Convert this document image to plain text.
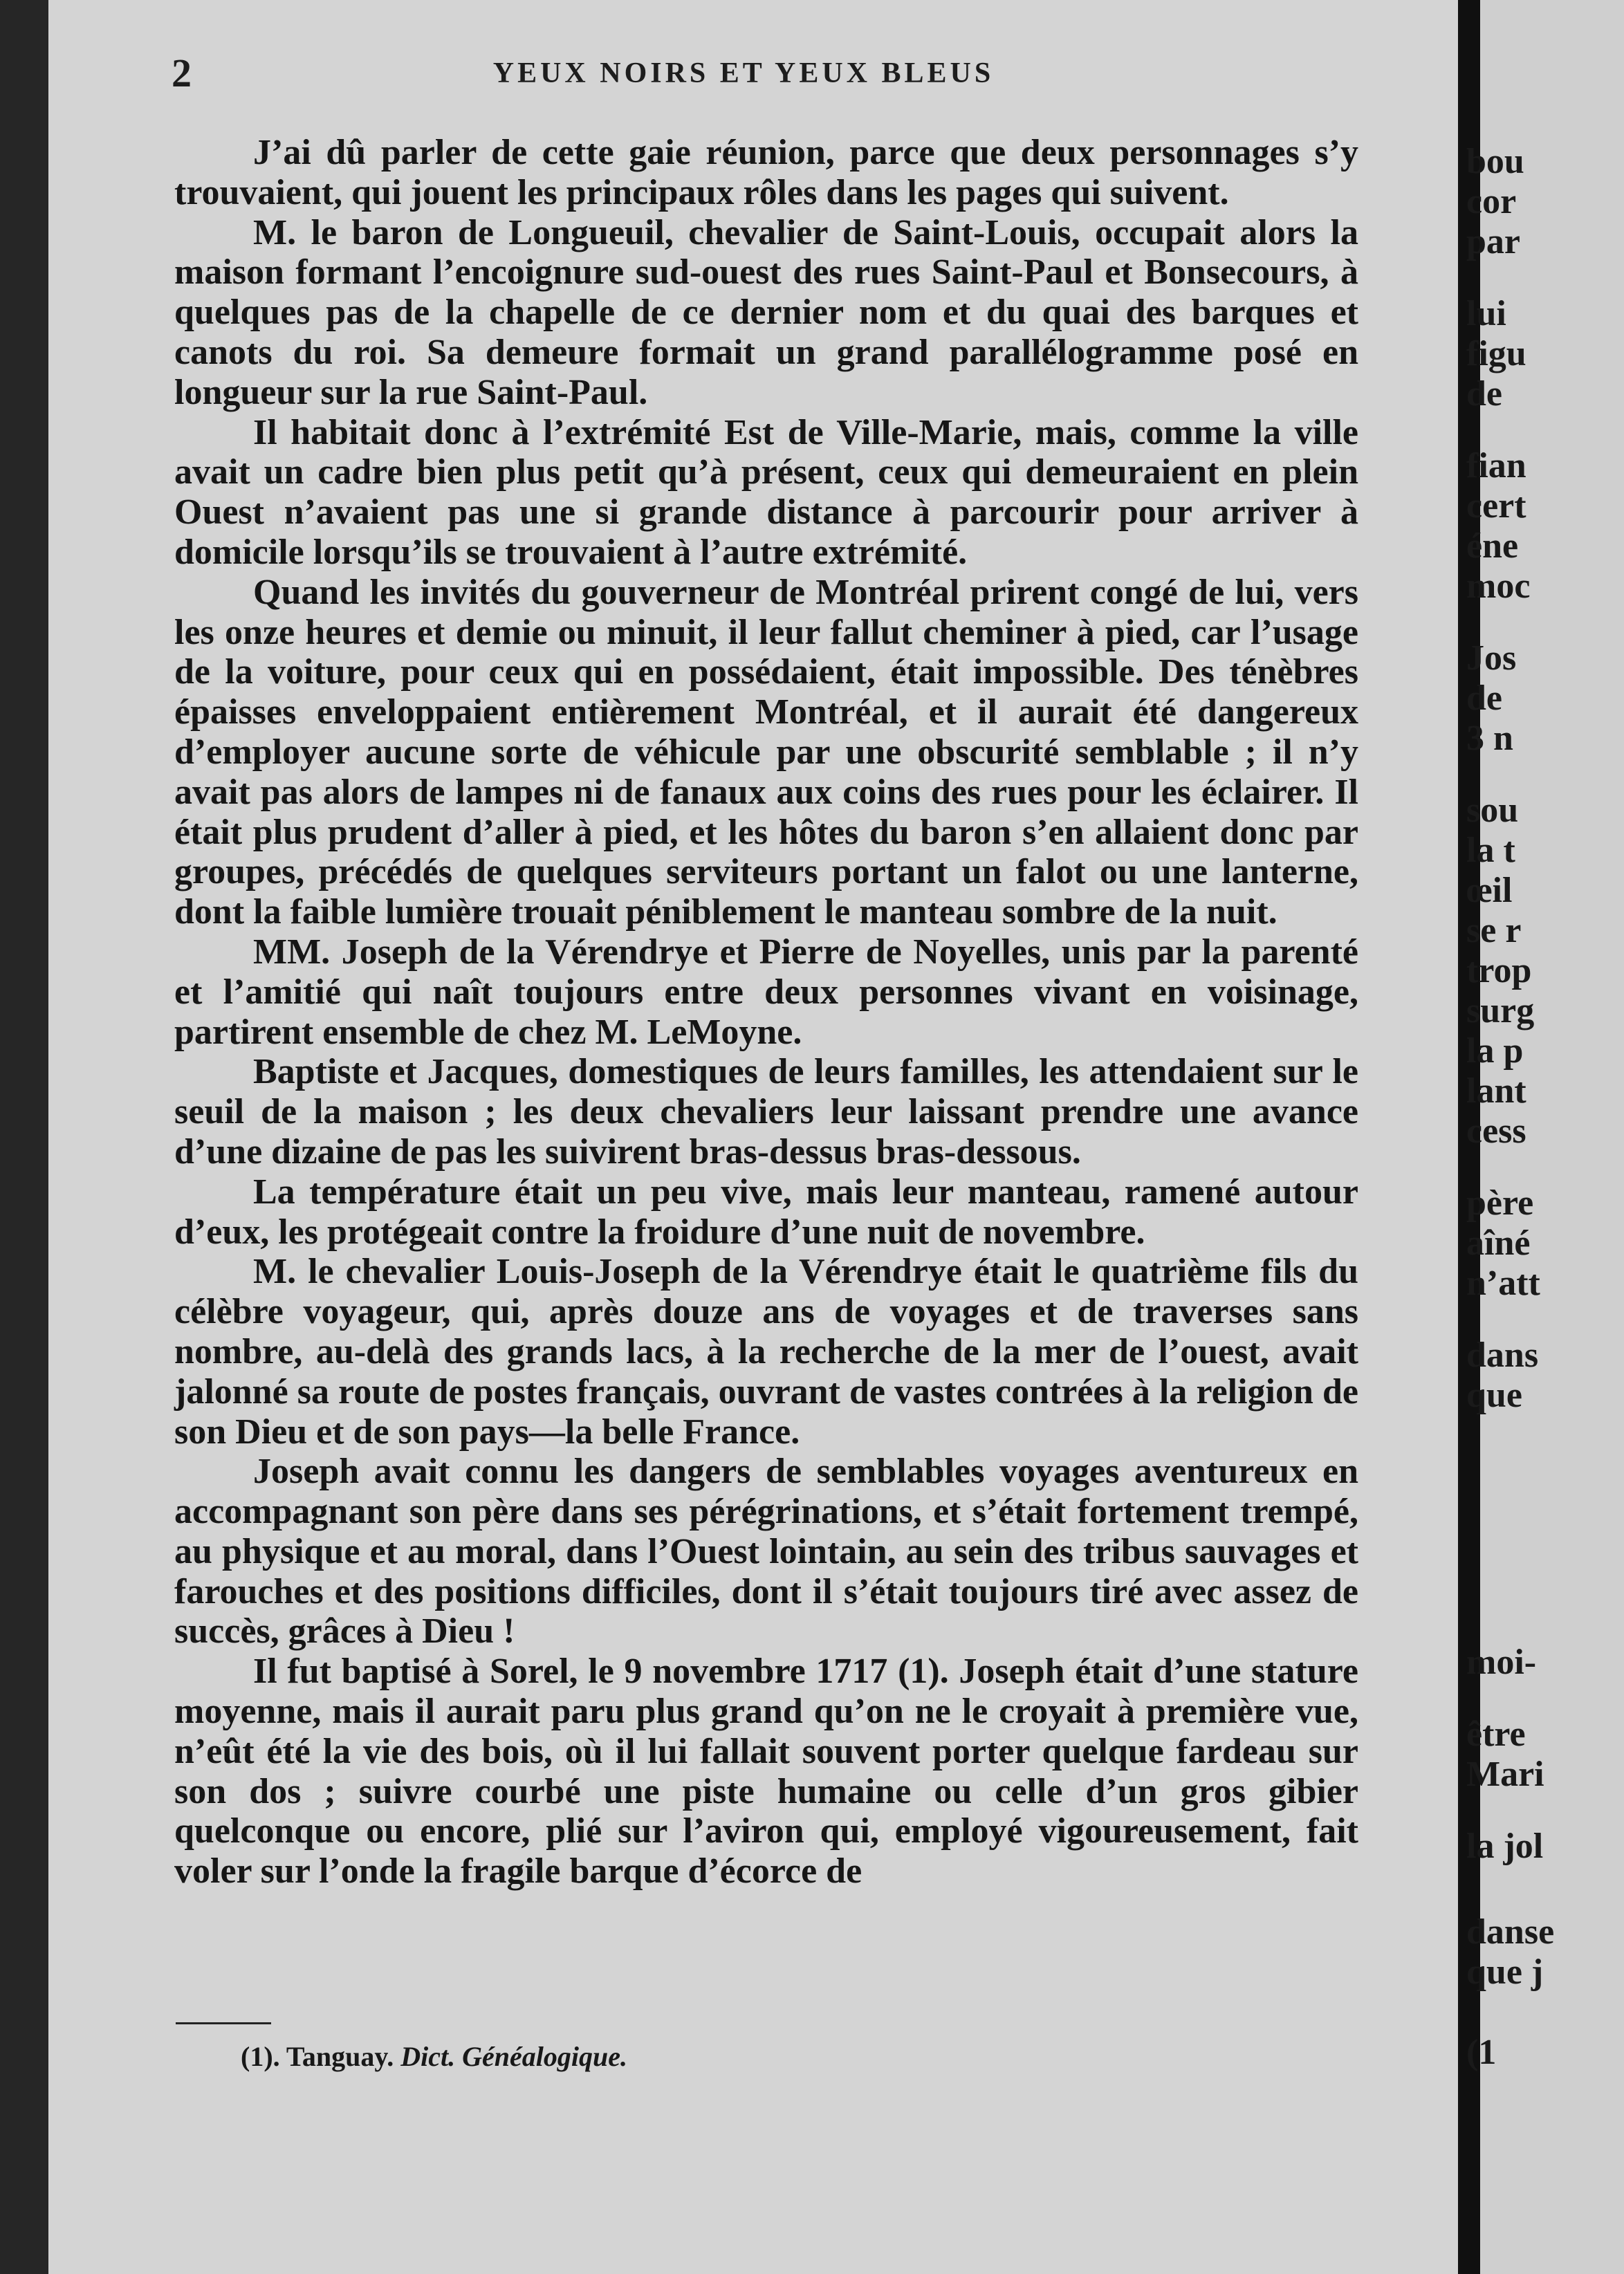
2	YEUX NOIRS ET YEUX BLEUS

J’ai dû parler de cette gaie réunion, parce que deux personnages s’y trouvaient, qui jouent les principaux rôles dans les pages qui suivent.

M. le baron de Longueuil, chevalier de Saint-Louis, occupait alors la maison formant l’encoignure sud-ouest des rues Saint-Paul et Bonsecours, à quelques pas de la chapelle de ce dernier nom et du quai des barques et canots du roi. Sa demeure formait un grand parallélogramme posé en longueur sur la rue Saint-Paul.

Il habitait donc à l’extrémité Est de Ville-Marie, mais, comme la ville avait un cadre bien plus petit qu’à présent, ceux qui demeuraient en plein Ouest n’avaient pas une si grande distance à parcourir pour arriver à domicile lorsqu’ils se trouvaient à l’autre extrémité.

Quand les invités du gouverneur de Montréal prirent congé de lui, vers les onze heures et demie ou minuit, il leur fallut cheminer à pied, car l’usage de la voiture, pour ceux qui en possédaient, était impossible. Des ténèbres épaisses enveloppaient entièrement Montréal, et il aurait été dangereux d’employer aucune sorte de véhicule par une obscurité semblable ; il n’y avait pas alors de lampes ni de fanaux aux coins des rues pour les éclairer. Il était plus prudent d’aller à pied, et les hôtes du baron s’en allaient donc par groupes, précédés de quelques serviteurs portant un falot ou une lanterne, dont la faible lumière trouait péniblement le manteau sombre de la nuit.

MM. Joseph de la Vérendrye et Pierre de Noyelles, unis par la parenté et l’amitié qui naît toujours entre deux personnes vivant en voisinage, partirent ensemble de chez M. LeMoyne.

Baptiste et Jacques, domestiques de leurs familles, les attendaient sur le seuil de la maison ; les deux chevaliers leur laissant prendre une avance d’une dizaine de pas les suivirent bras-dessus bras-dessous.

La température était un peu vive, mais leur manteau, ramené autour d’eux, les protégeait contre la froidure d’une nuit de novembre.

M. le chevalier Louis-Joseph de la Vérendrye était le quatrième fils du célèbre voyageur, qui, après douze ans de voyages et de traverses sans nombre, au-delà des grands lacs, à la recherche de la mer de l’ouest, avait jalonné sa route de postes français, ouvrant de vastes contrées à la religion de son Dieu et de son pays—la belle France.

Joseph avait connu les dangers de semblables voyages aventureux en accompagnant son père dans ses pérégrinations, et s’était fortement trempé, au physique et au moral, dans l’Ouest lointain, au sein des tribus sauvages et farouches et des positions difficiles, dont il s’était toujours tiré avec assez de succès, grâces à Dieu !

Il fut baptisé à Sorel, le 9 novembre 1717 (1). Joseph était d’une stature moyenne, mais il aurait paru plus grand qu’on ne le croyait à première vue, n’eût été la vie des bois, où il lui fallait souvent porter quelque fardeau sur son dos ; suivre courbé une piste humaine ou celle d’un gros gibier quelconque ou encore, plié sur l’aviron qui, employé vigoureusement, fait voler sur l’onde la fragile barque d’écorce de

(1). Tanguay. Dict. Généalogique.
bou
cor
par
lui
figu
de
fian
cert
éne
moc
Jos
de
3 n
sou
la t
œil
se r
trop
surg
la p
lant
cess
père
aîné
n’att
dans
que
moi-
être
Mari
la jol
danse
que j
(1
